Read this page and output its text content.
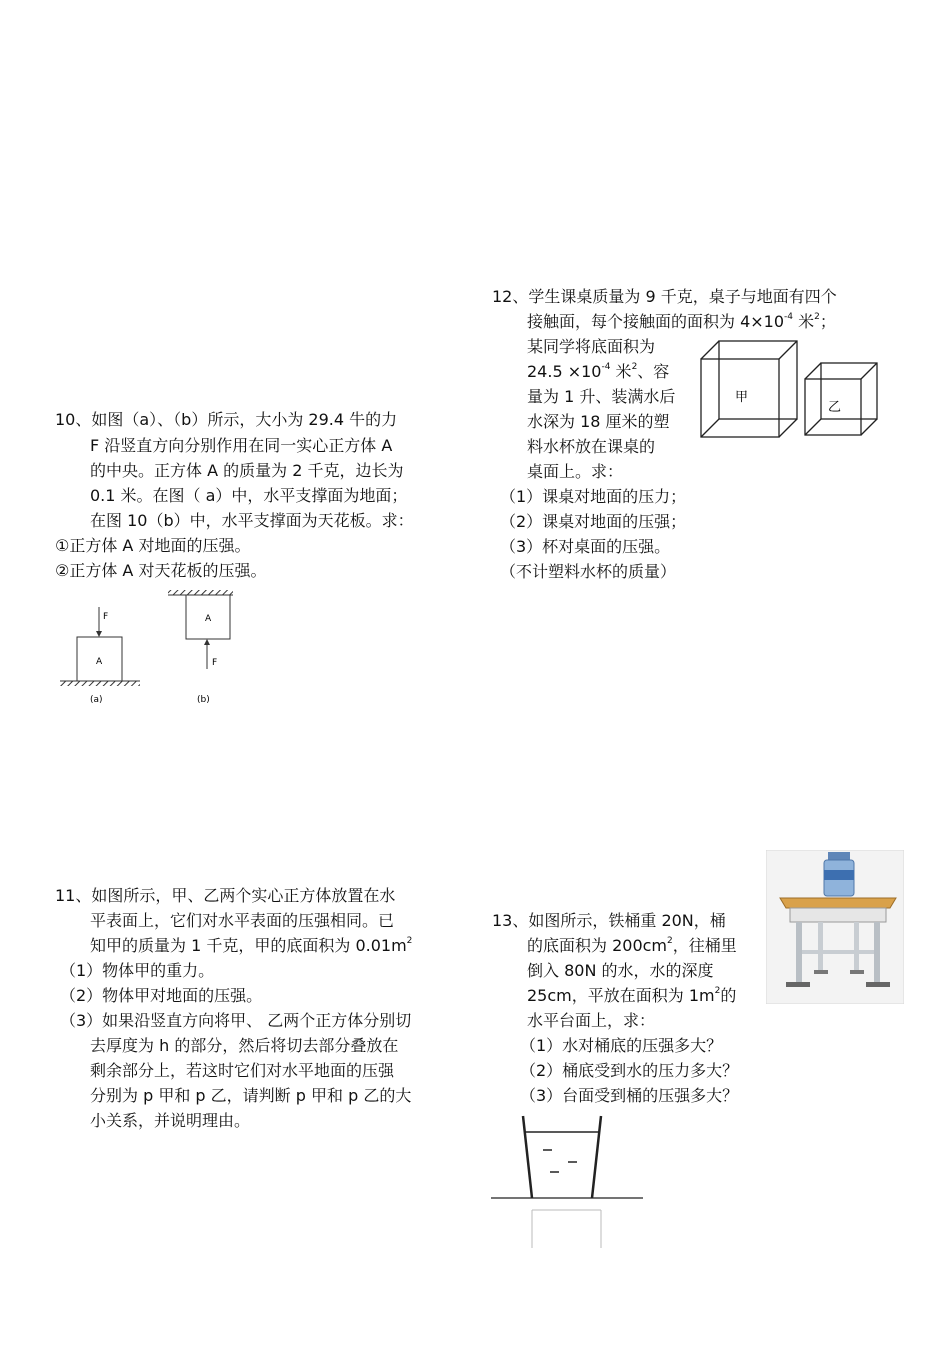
10、如图（a）、（b）所示，大小为 29.4 牛的力
F 沿竖直方向分别作用在同一实心正方体 A
的中央。正方体 A 的质量为 2 千克，边长为
0.1 米。在图（ a）中，水平支撑面为地面；
在图 10（b）中，水平支撑面为天花板。求：
①正方体 A 对地面的压强。
②正方体 A 对天花板的压强。
F
A
(a)
F
A
(b)
11、如图所示，甲、乙两个实心正方体放置在水
平表面上，它们对水平表面的压强相同。已
知甲的质量为 1 千克，甲的底面积为 $0.01m^2$
（1）物体甲的重力。
（2）物体甲对地面的压强。
（3）如果沿竖直方向将甲、 乙两个正方体分别切
去厚度为 h 的部分，然后将切去部分叠放在
剩余部分上，若这时它们对水平地面的压强
分别为 p 甲和 p 乙，请判断 p 甲和 p 乙的大
小关系，并说明理由。
12、学生课桌质量为 9 千克，桌子与地面有四个
接触面，每个接触面的面积为 $4\times 10^{-4}$ 米$^2$；
某同学将底面积为
$24.5 \times 10^{-4}$ 米$^2$、容
量为 1 升、装满水后
水深为 18 厘米的塑
料水杯放在课桌的
桌面上。求：
（1）课桌对地面的压力；
（2）课桌对地面的压强；
（3）杯对桌面的压强。
（不计塑料水杯的质量）
甲
乙
13、如图所示，铁桶重 20N，桶
的底面积为 $200cm^2$，往桶里
倒入 80N 的水，水的深度
25cm，平放在面积为 $1m^2$的
水平台面上，求：
（1）水对桶底的压强多大？
（2）桶底受到水的压力多大？
（3）台面受到桶的压强多大？
